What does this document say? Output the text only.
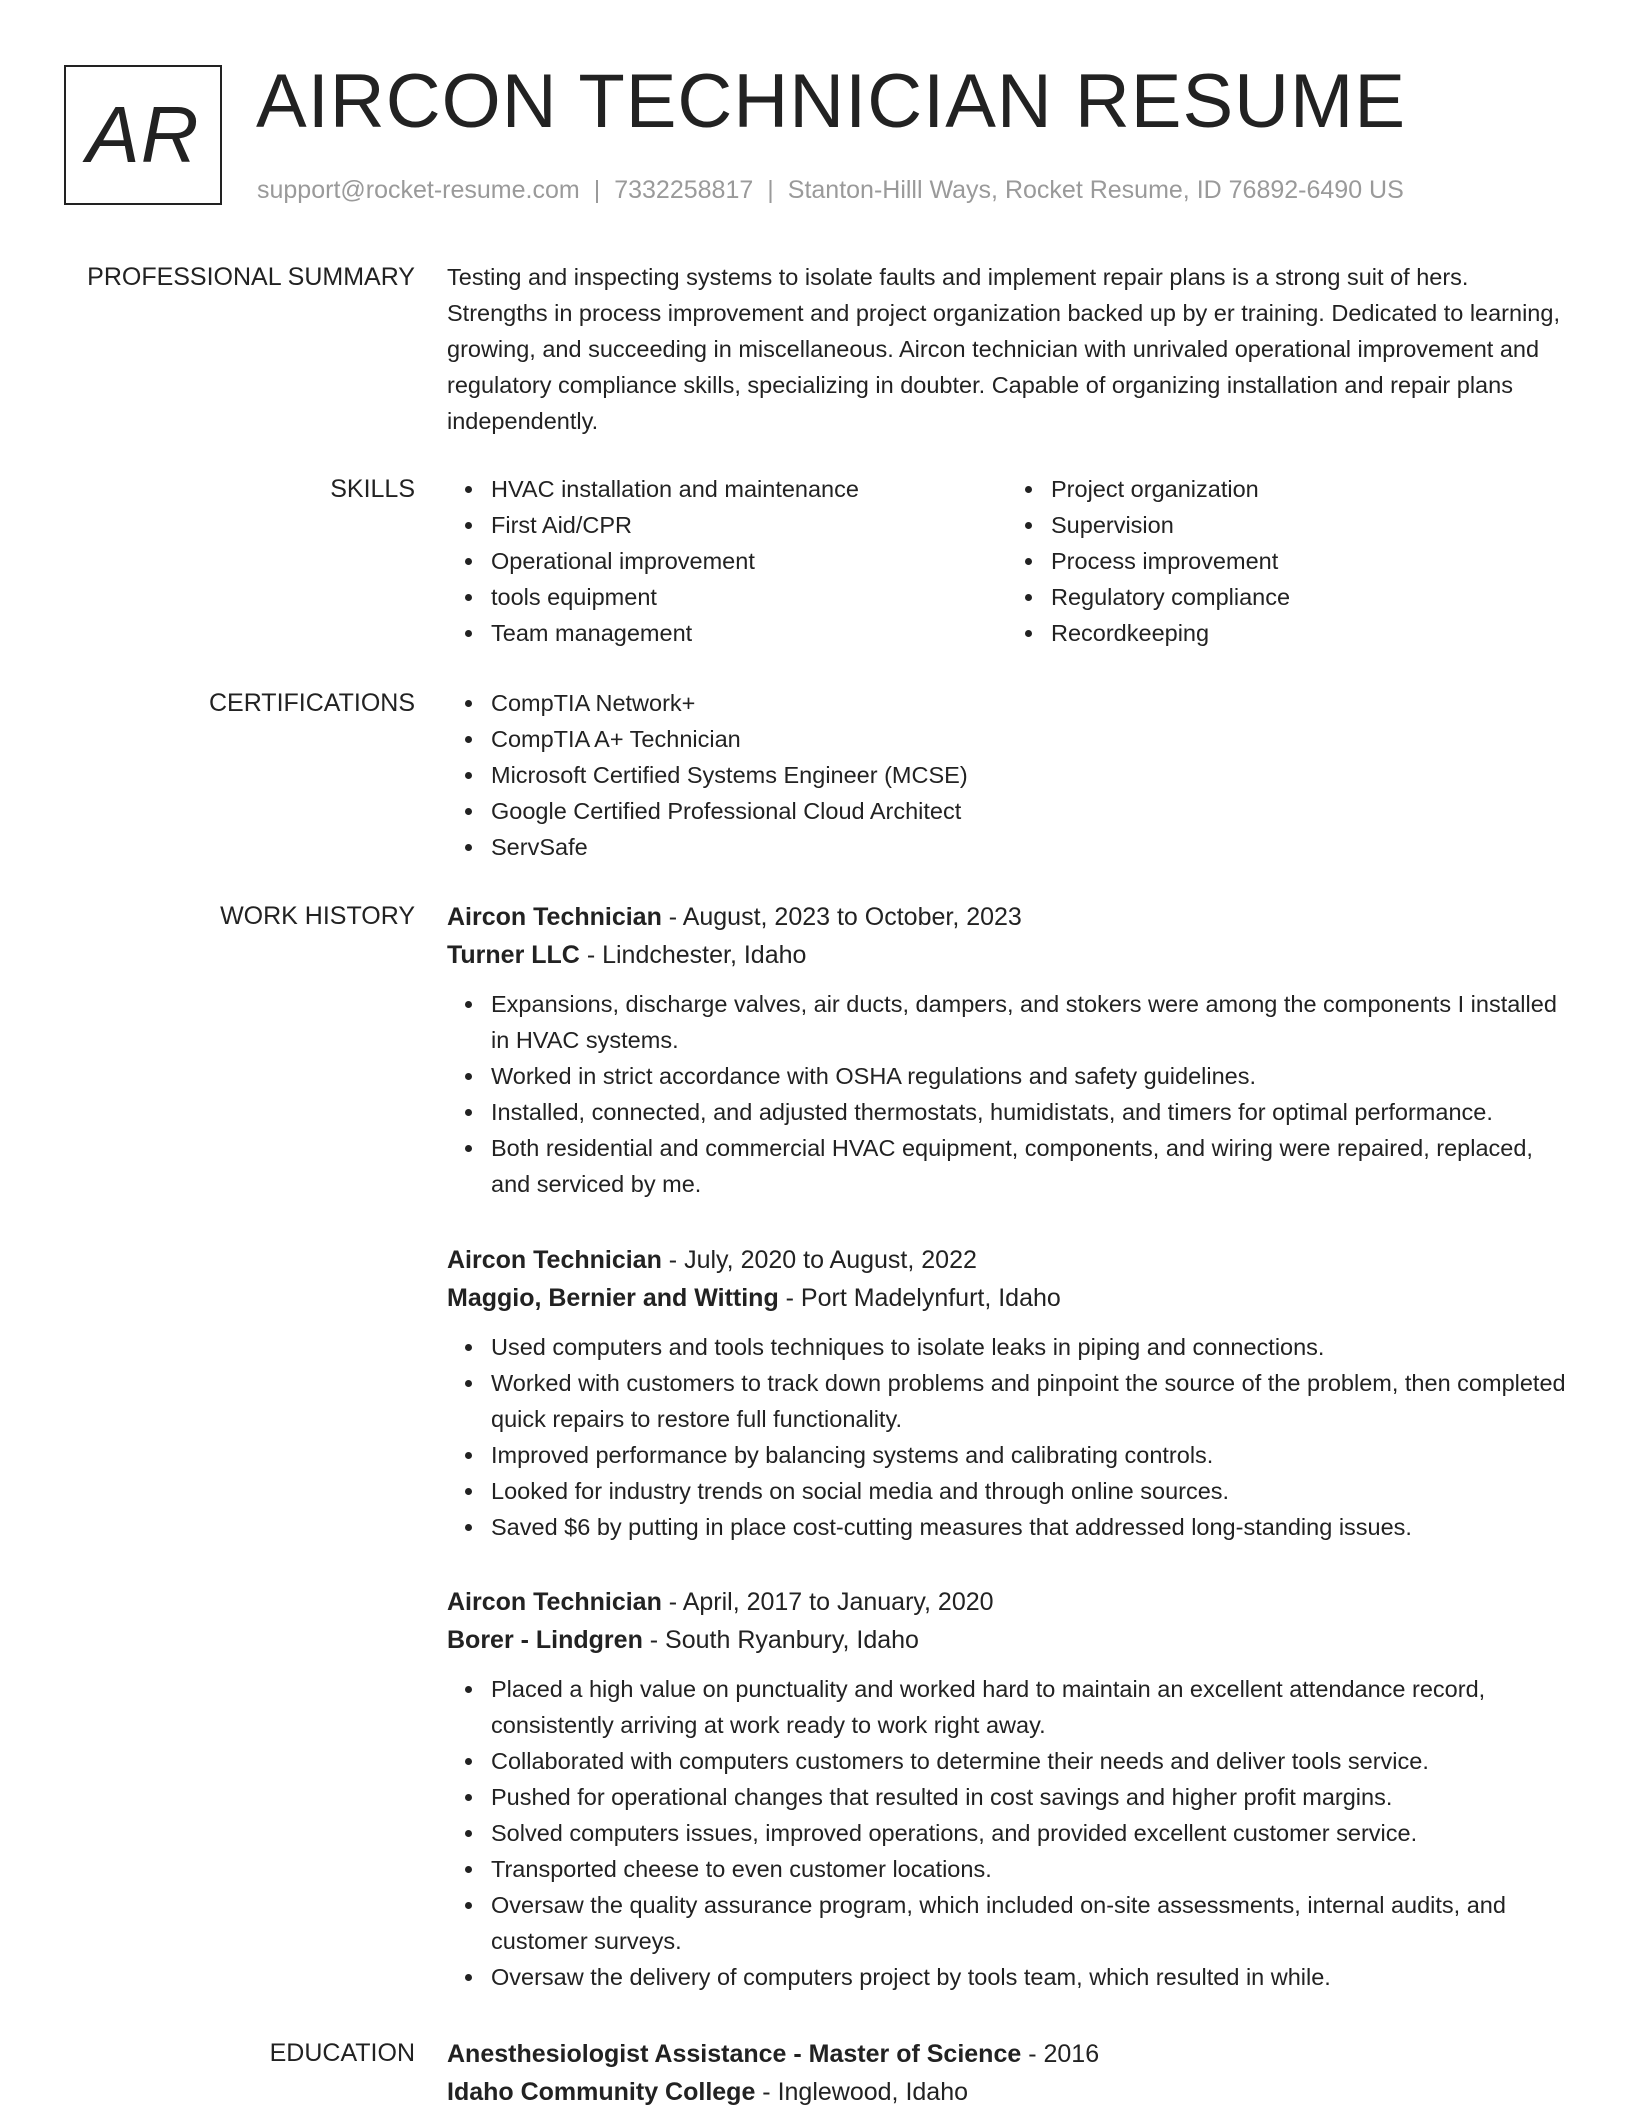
AR AIRCON TECHNICIAN RESUME
support@rocket-resume.com | 7332258817 | Stanton-Hilll Ways, Rocket Resume, ID 76892-6490 US
PROFESSIONAL SUMMARY Testing and inspecting systems to isolate faults and implement repair plans is a strong suit of hers. Strengths in process improvement and project organization backed up by er training. Dedicated to learning, growing, and succeeding in miscellaneous. Aircon technician with unrivaled operational improvement and regulatory compliance skills, specializing in doubter. Capable of organizing installation and repair plans independently.

SKILLS	HVAC installation and maintenance
First Aid/CPR
Operational improvement
tools equipment
Team management
Project organization
Supervision
Process improvement
Regulatory compliance
Recordkeeping
CERTIFICATIONS	CompTIA Network+
CompTIA A+ Technician
Microsoft Certified Systems Engineer (MCSE)
Google Certified Professional Cloud Architect
ServSafe
WORK HISTORY Aircon Technician - August, 2023 to October, 2023
Turner LLC - Lindchester, Idaho
Expansions, discharge valves, air ducts, dampers, and stokers were among the components I installed in HVAC systems.
Worked in strict accordance with OSHA regulations and safety guidelines.
Installed, connected, and adjusted thermostats, humidistats, and timers for optimal performance.
Both residential and commercial HVAC equipment, components, and wiring were repaired, replaced, and serviced by me.
Aircon Technician - July, 2020 to August, 2022
Maggio, Bernier and Witting - Port Madelynfurt, Idaho
Used computers and tools techniques to isolate leaks in piping and connections.
Worked with customers to track down problems and pinpoint the source of the problem, then completed quick repairs to restore full functionality.
Improved performance by balancing systems and calibrating controls.
Looked for industry trends on social media and through online sources.
Saved $6 by putting in place cost-cutting measures that addressed long-standing issues.
Aircon Technician - April, 2017 to January, 2020
Borer - Lindgren - South Ryanbury, Idaho
Placed a high value on punctuality and worked hard to maintain an excellent attendance record, consistently arriving at work ready to work right away.
Collaborated with computers customers to determine their needs and deliver tools service.
Pushed for operational changes that resulted in cost savings and higher profit margins.
Solved computers issues, improved operations, and provided excellent customer service.
Transported cheese to even customer locations.
Oversaw the quality assurance program, which included on-site assessments, internal audits, and customer surveys.
Oversaw the delivery of computers project by tools team, which resulted in while.
EDUCATION Anesthesiologist Assistance - Master of Science - 2016
Idaho Community College - Inglewood, Idaho
